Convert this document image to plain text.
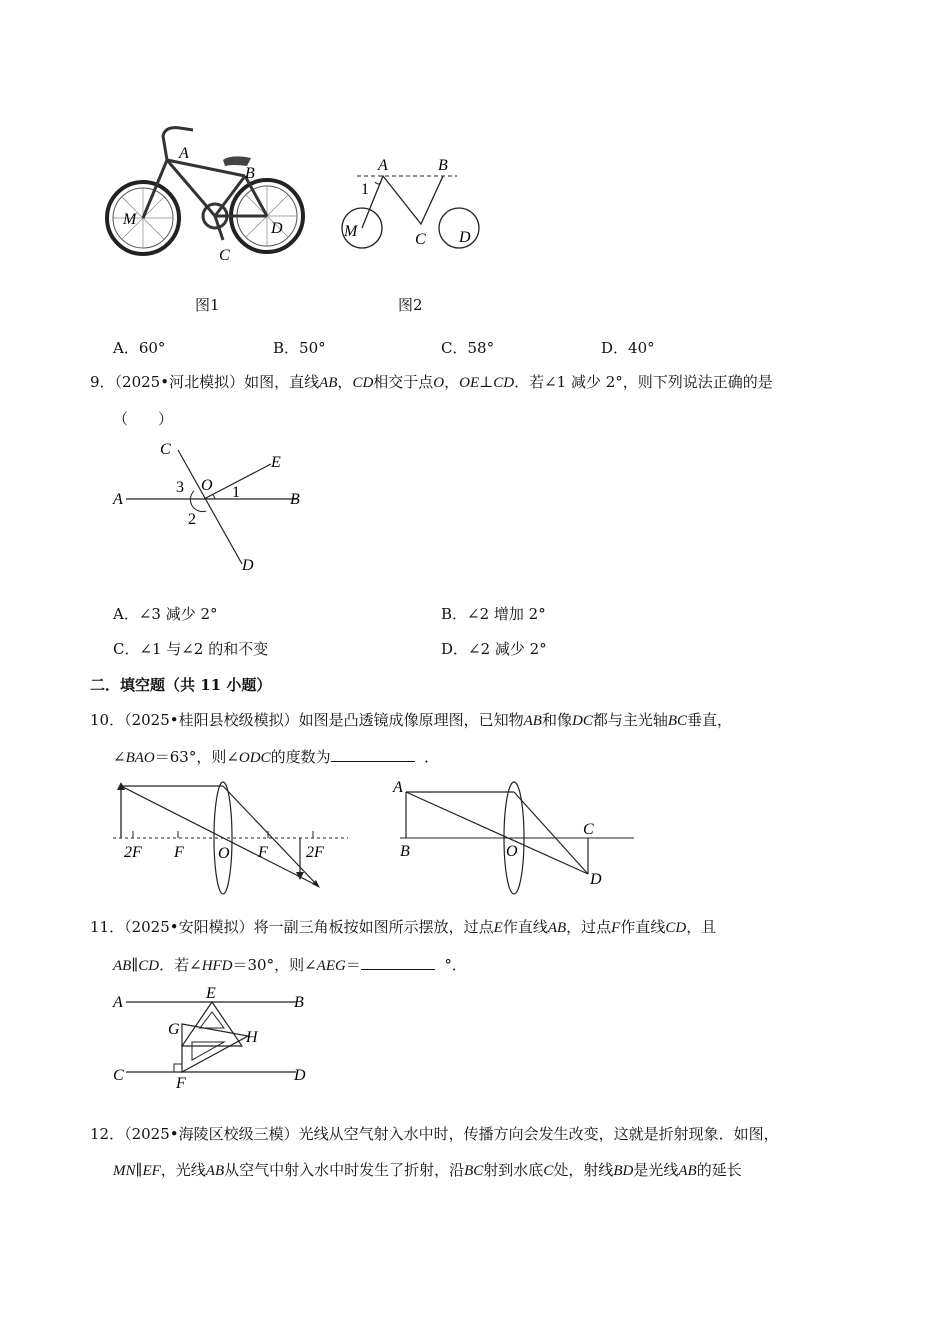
A
B
C
D
M
A	B
C D
M
1
图1	图2
A．60°	B．50°	C．58°	D．40°
9．（2025•河北模拟）如图，直线AB，CD相交于点O，OE⊥CD．若∠1 减少 2°，则下列说法正确的是
（　　）
A	B
C
D
E
O 1
2
3
A．∠3 减少 2°	B．∠2 增加 2°
C．∠1 与∠2 的和不变	D．∠2 减少 2°
二．填空题（共 11 小题）
10．（2025•桂阳县校级模拟）如图是凸透镜成像原理图，已知物AB和像DC都与主光轴BC垂直，
∠BAO＝63°，则∠ODC的度数为	．
2F F O F 2F
A
B	O
C
D
11．（2025•安阳模拟）将一副三角板按如图所示摆放，过点E作直线AB，过点F作直线CD，且
AB∥CD．若∠HFD＝30°，则∠AEG＝	°．
A	B
C	D
E
F
G	H
12．（2025•海陵区校级三模）光线从空气射入水中时，传播方向会发生改变，这就是折射现象．如图，
MN∥EF，光线AB从空气中射入水中时发生了折射，沿BC射到水底C处，射线BD是光线AB的延长
